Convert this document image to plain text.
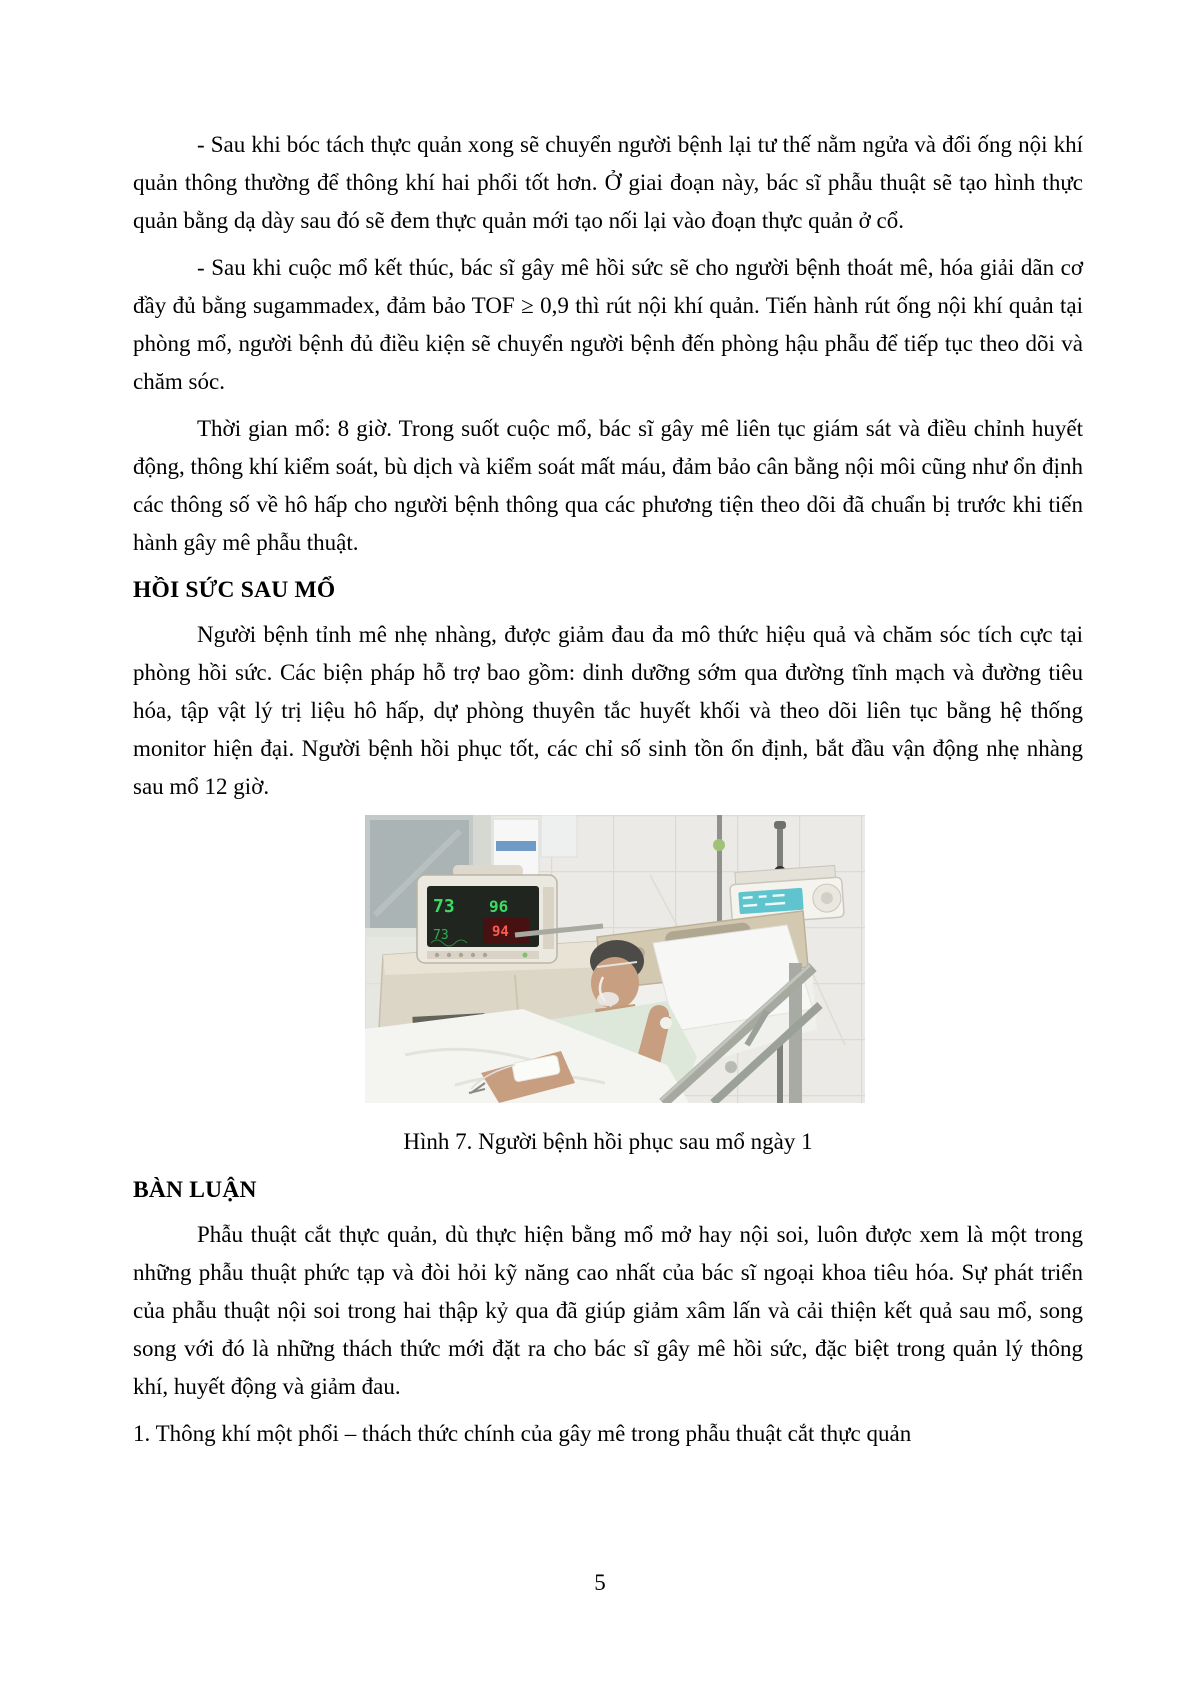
- Sau khi bóc tách thực quản xong sẽ chuyển người bệnh lại tư thế nằm ngửa và đổi ống nội khí quản thông thường để thông khí hai phổi tốt hơn. Ở giai đoạn này, bác sĩ phẫu thuật sẽ tạo hình thực quản bằng dạ dày sau đó sẽ đem thực quản mới tạo nối lại vào đoạn thực quản ở cổ.

- Sau khi cuộc mổ kết thúc, bác sĩ gây mê hồi sức sẽ cho người bệnh thoát mê, hóa giải dãn cơ đầy đủ bằng sugammadex, đảm bảo TOF ≥ 0,9 thì rút nội khí quản. Tiến hành rút ống nội khí quản tại phòng mổ, người bệnh đủ điều kiện sẽ chuyển người bệnh đến phòng hậu phẫu để tiếp tục theo dõi và chăm sóc.

Thời gian mổ: 8 giờ. Trong suốt cuộc mổ, bác sĩ gây mê liên tục giám sát và điều chỉnh huyết động, thông khí kiểm soát, bù dịch và kiểm soát mất máu, đảm bảo cân bằng nội môi cũng như ổn định các thông số về hô hấp cho người bệnh thông qua các phương tiện theo dõi đã chuẩn bị trước khi tiến hành gây mê phẫu thuật.

HỒI SỨC SAU MỔ

Người bệnh tỉnh mê nhẹ nhàng, được giảm đau đa mô thức hiệu quả và chăm sóc tích cực tại phòng hồi sức. Các biện pháp hỗ trợ bao gồm: dinh dưỡng sớm qua đường tĩnh mạch và đường tiêu hóa, tập vật lý trị liệu hô hấp, dự phòng thuyên tắc huyết khối và theo dõi liên tục bằng hệ thống monitor hiện đại. Người bệnh hồi phục tốt, các chỉ số sinh tồn ổn định, bắt đầu vận động nhẹ nhàng sau mổ 12 giờ.

73 96
73	94
Hình 7. Người bệnh hồi phục sau mổ ngày 1
BÀN LUẬN

Phẫu thuật cắt thực quản, dù thực hiện bằng mổ mở hay nội soi, luôn được xem là một trong những phẫu thuật phức tạp và đòi hỏi kỹ năng cao nhất của bác sĩ ngoại khoa tiêu hóa. Sự phát triển của phẫu thuật nội soi trong hai thập kỷ qua đã giúp giảm xâm lấn và cải thiện kết quả sau mổ, song song với đó là những thách thức mới đặt ra cho bác sĩ gây mê hồi sức, đặc biệt trong quản lý thông khí, huyết động và giảm đau.

1. Thông khí một phổi – thách thức chính của gây mê trong phẫu thuật cắt thực quản

5
